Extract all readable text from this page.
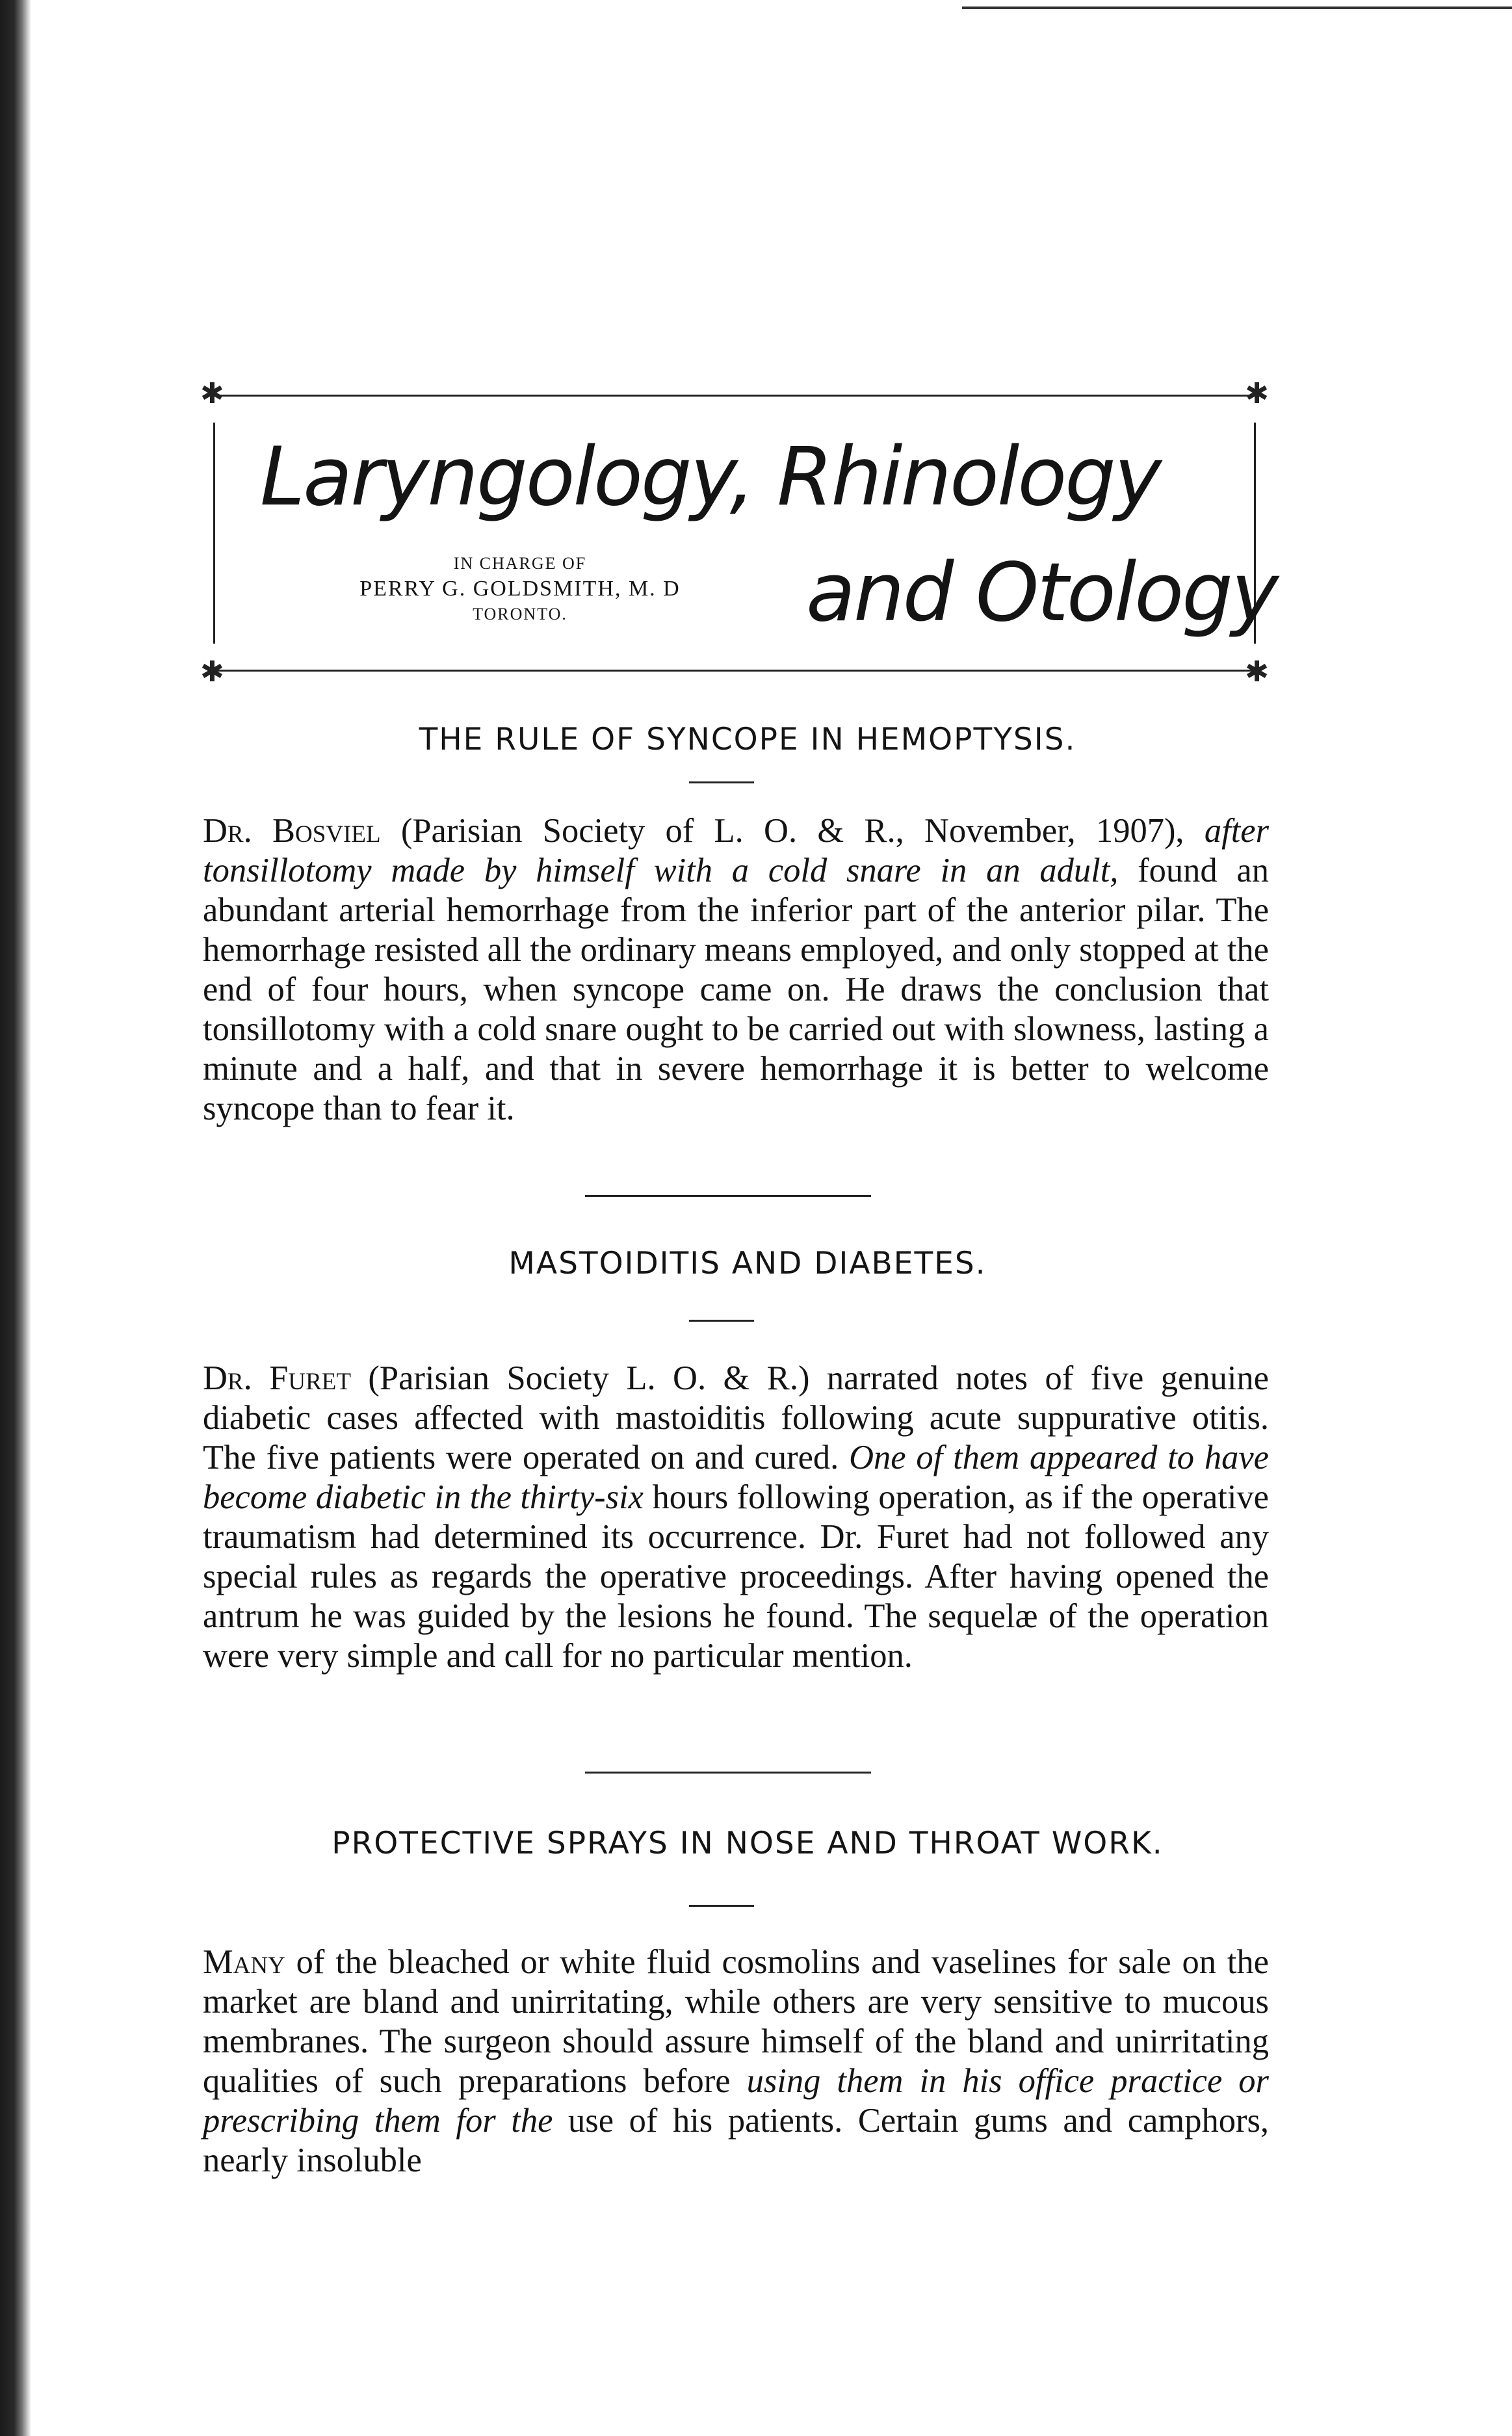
✱	✱
✱	✱
Laryngology, Rhinology
IN CHARGE OF
PERRY G. GOLDSMITH, M. D
TORONTO.	and Otology
THE RULE OF SYNCOPE IN HEMOPTYSIS.

Dr. Bosviel (Parisian Society of L. O. & R., November, 1907), after tonsillotomy made by himself with a cold snare in an adult, found an abundant arterial hemorrhage from the inferior part of the anterior pilar. The hemorrhage resisted all the ordinary means employed, and only stopped at the end of four hours, when syncope came on. He draws the conclusion that tonsillotomy with a cold snare ought to be carried out with slowness, lasting a minute and a half, and that in severe hemorrhage it is better to welcome syncope than to fear it.

MASTOIDITIS AND DIABETES.

Dr. Furet (Parisian Society L. O. & R.) narrated notes of five genuine diabetic cases affected with mastoiditis following acute suppurative otitis. The five patients were operated on and cured. One of them appeared to have become diabetic in the thirty-six hours following operation, as if the operative traumatism had determined its occurrence. Dr. Furet had not followed any special rules as regards the operative proceedings. After having opened the antrum he was guided by the lesions he found. The sequelæ of the operation were very simple and call for no particular mention.

PROTECTIVE SPRAYS IN NOSE AND THROAT WORK.

Many of the bleached or white fluid cosmolins and vaselines for sale on the market are bland and unirritating, while others are very sensitive to mucous membranes. The surgeon should assure himself of the bland and unirritating qualities of such preparations before using them in his office practice or prescribing them for the use of his patients. Certain gums and camphors, nearly insoluble
